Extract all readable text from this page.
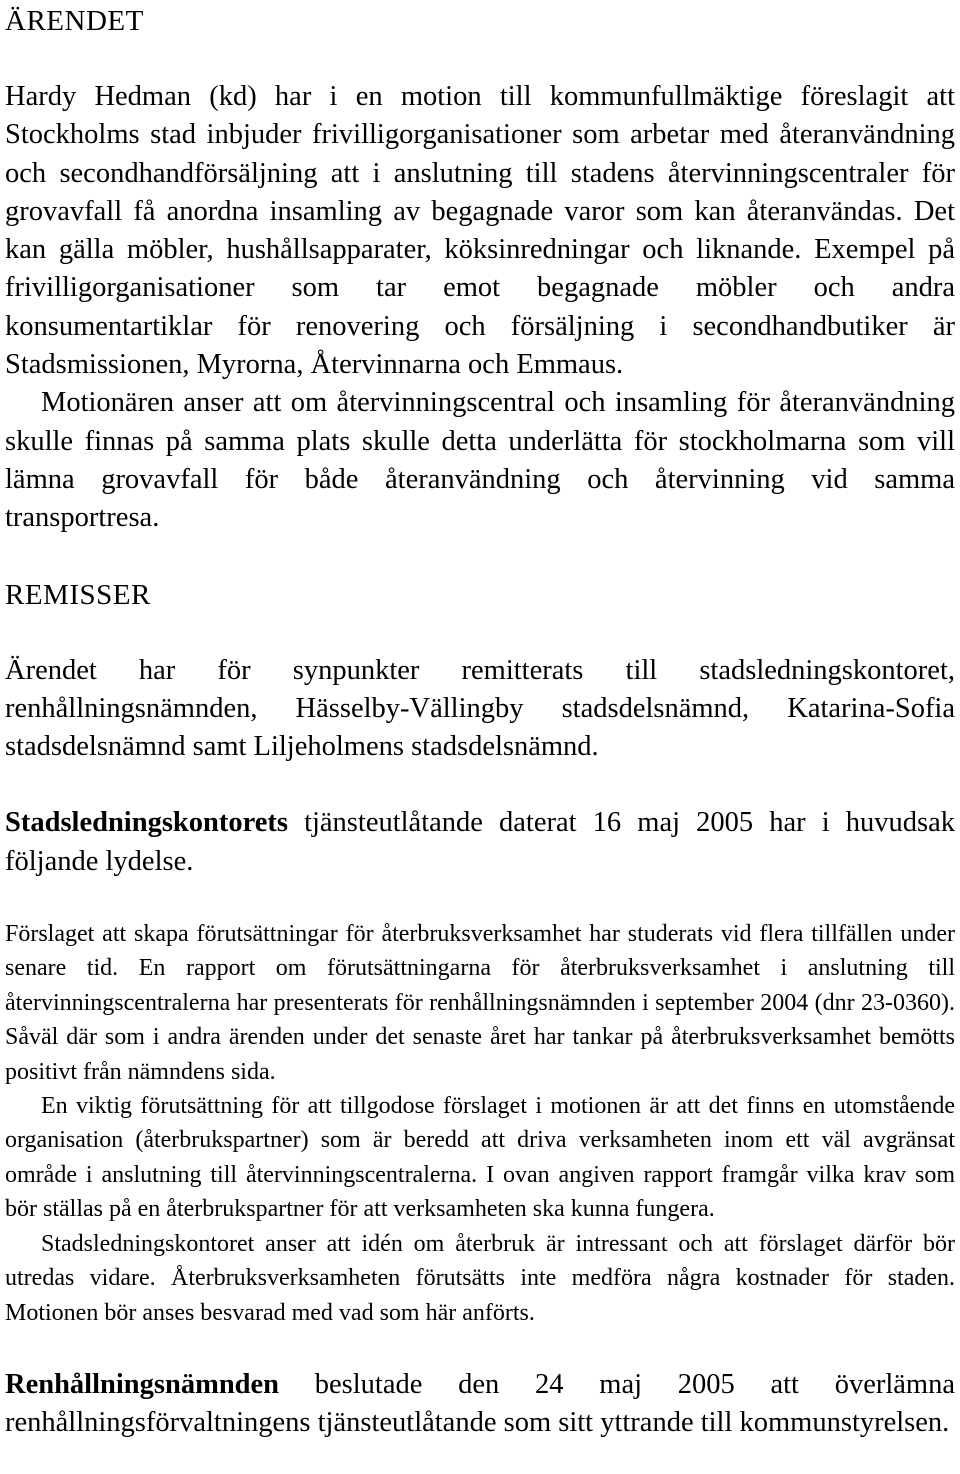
ÄRENDET

Hardy Hedman (kd) har i en motion till kommunfullmäktige föreslagit att Stockholms stad inbjuder frivilligorganisationer som arbetar med återanvändning och secondhandförsäljning att i anslutning till stadens återvinningscentraler för grovavfall få anordna insamling av begagnade varor som kan återanvändas. Det kan gälla möbler, hushållsapparater, köksinredningar och liknande. Exempel på frivilligorganisationer som tar emot begagnade möbler och andra konsumentartiklar för renovering och försäljning i secondhandbutiker är Stadsmissionen, Myrorna, Återvinnarna och Emmaus.

Motionären anser att om återvinningscentral och insamling för återanvändning skulle finnas på samma plats skulle detta underlätta för stockholmarna som vill lämna grovavfall för både återanvändning och återvinning vid samma transportresa.

REMISSER

Ärendet har för synpunkter remitterats till stadsledningskontoret, renhållningsnämnden, Hässelby-Vällingby stadsdelsnämnd, Katarina-Sofia stadsdelsnämnd samt Liljeholmens stadsdelsnämnd.

Stadsledningskontorets tjänsteutlåtande daterat 16 maj 2005 har i huvudsak följande lydelse.

Förslaget att skapa förutsättningar för återbruksverksamhet har studerats vid flera tillfällen under senare tid. En rapport om förutsättningarna för återbruksverksamhet i anslutning till återvinningscentralerna har presenterats för renhållningsnämnden i september 2004 (dnr 23-0360). Såväl där som i andra ärenden under det senaste året har tankar på återbruksverksamhet bemötts positivt från nämndens sida.

En viktig förutsättning för att tillgodose förslaget i motionen är att det finns en utomstående organisation (återbrukspartner) som är beredd att driva verksamheten inom ett väl avgränsat område i anslutning till återvinningscentralerna. I ovan angiven rapport framgår vilka krav som bör ställas på en återbrukspartner för att verksamheten ska kunna fungera.

Stadsledningskontoret anser att idén om återbruk är intressant och att förslaget därför bör utredas vidare. Återbruksverksamheten förutsätts inte medföra några kostnader för staden. Motionen bör anses besvarad med vad som här anförts.

Renhållningsnämnden beslutade den 24 maj 2005 att överlämna renhållningsförvaltningens tjänsteutlåtande som sitt yttrande till kommunstyrelsen.
